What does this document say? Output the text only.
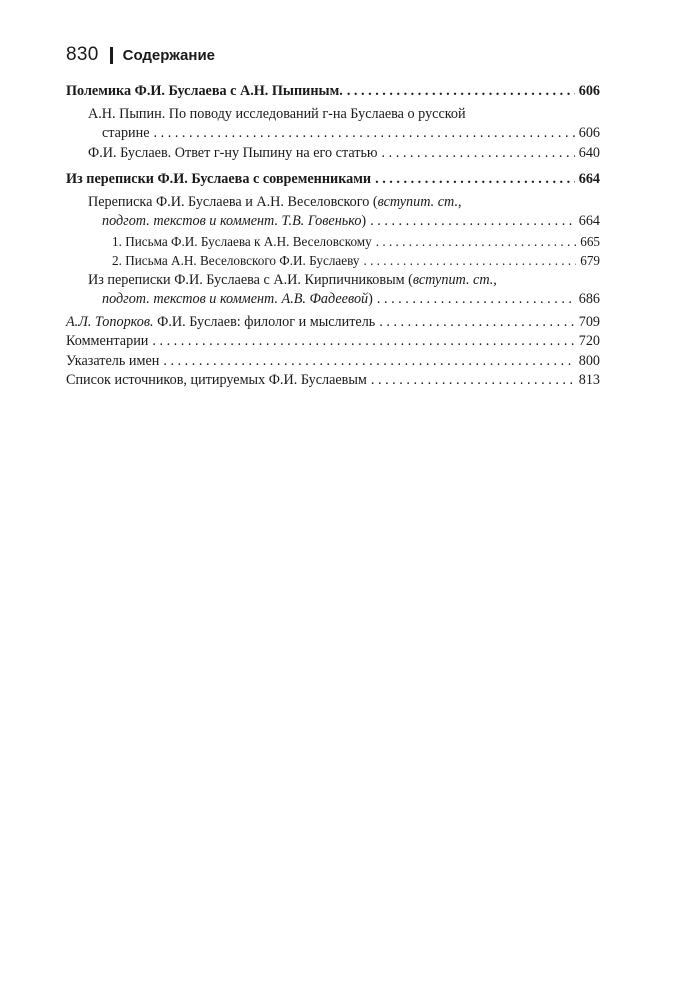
830 Содержание
Полемика Ф.И. Буслаева с А.Н. Пыпиным. . . .	606
А.Н. Пыпин. По поводу исследований г-на Буслаева о русской
старине . . .	606
Ф.И. Буслаев. Ответ г-ну Пыпину на его статью . . .	640
Из переписки Ф.И. Буслаева с современниками . . .	664
Переписка Ф.И. Буслаева и А.Н. Веселовского (вступит. ст.,
подгот. текстов и коммент. Т.В. Говенько) . . .	664
1. Письма Ф.И. Буслаева к А.Н. Веселовскому . . .	665
2. Письма А.Н. Веселовского Ф.И. Буслаеву . . .	679
Из переписки Ф.И. Буслаева с А.И. Кирпичниковым (вступит. ст.,
подгот. текстов и коммент. А.В. Фадеевой) . . .	686
А.Л. Топорков. Ф.И. Буслаев: филолог и мыслитель . . .	709
Комментарии . . .	720
Указатель имен . . .	800
Список источников, цитируемых Ф.И. Буслаевым . . .	813
